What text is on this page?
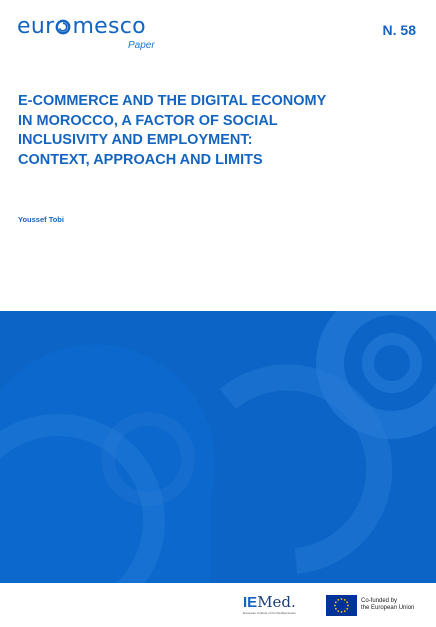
eur mesco
Paper
N. 58
E-COMMERCE AND THE DIGITAL ECONOMY
IN MOROCCO, A FACTOR OF SOCIAL
INCLUSIVITY AND EMPLOYMENT:
CONTEXT, APPROACH AND LIMITS
Youssef Tobi
IEMed.
European Institute of the Mediterranean
Co-funded by
the European Union
